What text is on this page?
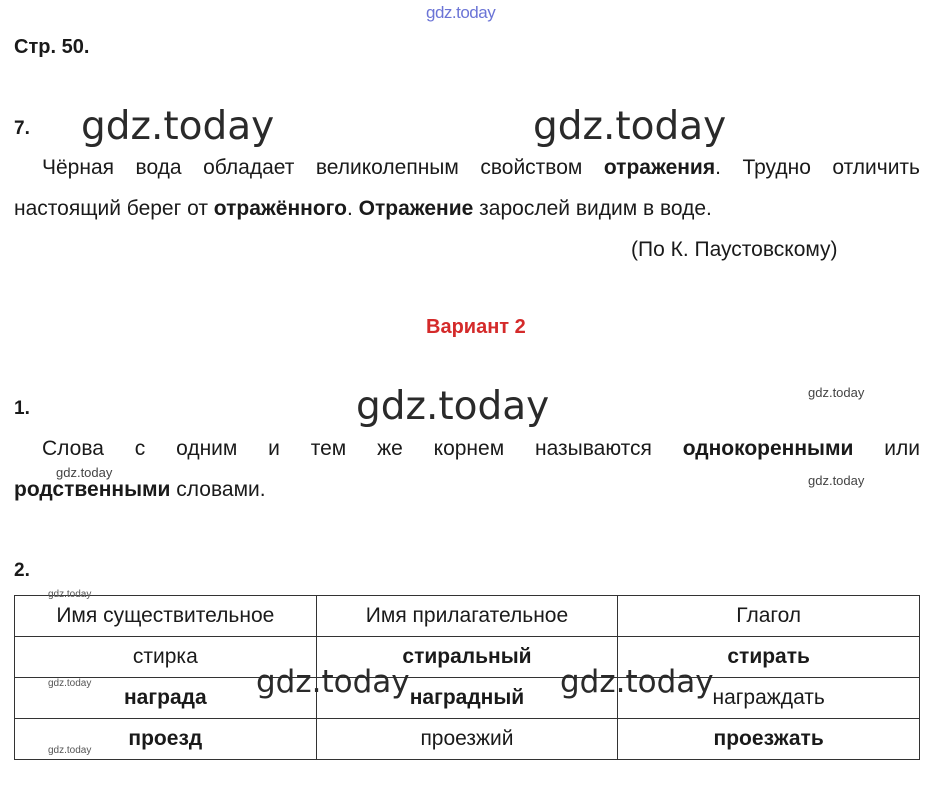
gdz.today
gdz.today	gdz.today
gdz.today	gdz.today
gdz.today
gdz.today
Стр. 50.
7.
Чёрная вода обладает великолепным свойством отражения. Трудно отличить
настоящий берег от отражённого. Отражение зарослей видим в воде.
(По К. Паустовскому)
Вариант 2
1.
Слова с одним и тем же корнем называются однокоренными или
родственными словами.
2.
Имя существительное	Имя прилагательное	Глагол
стирка	стиральный	стирать
награда	наградный	награждать
проезд	проезжий	проезжать
gdz.today
gdz.today
gdz.today
gdz.today	gdz.today
